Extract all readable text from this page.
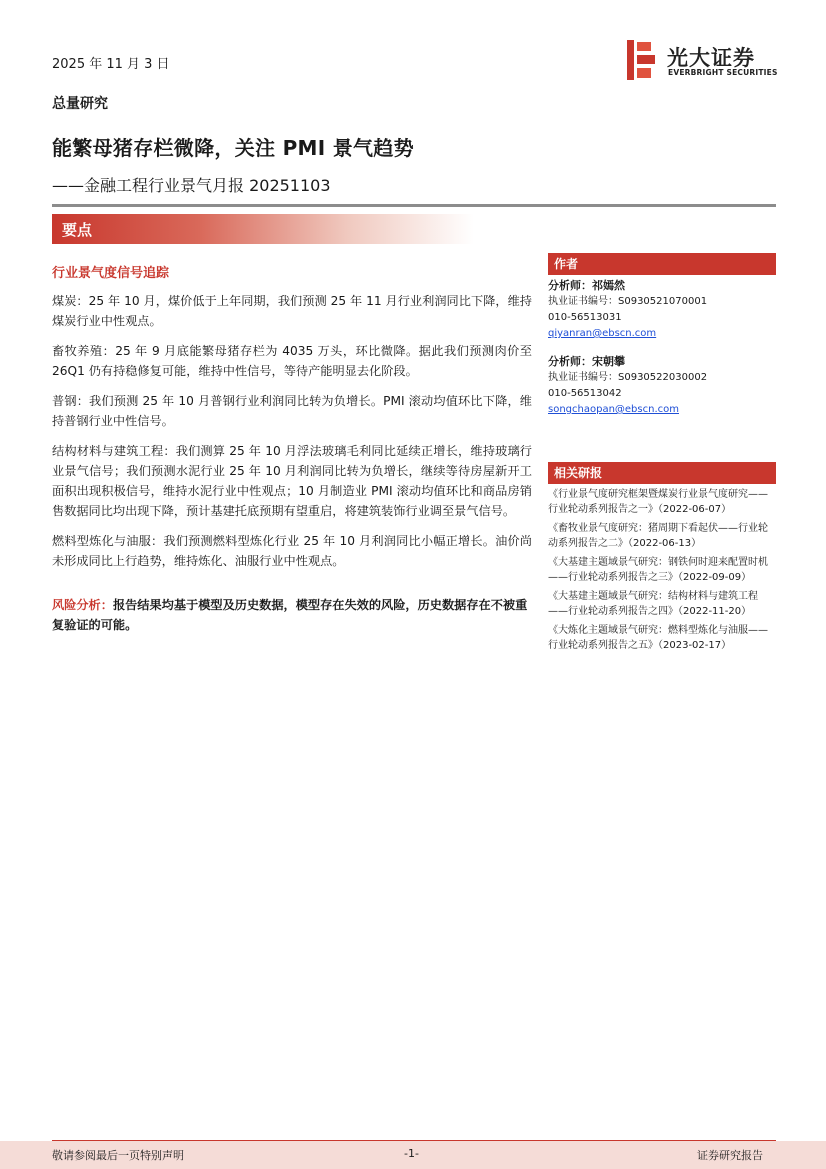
2025 年 11 月 3 日
总量研究
能繁母猪存栏微降，关注 PMI 景气趋势
——金融工程行业景气月报 20251103
要点
光大证券
EVERBRIGHT SECURITIES
行业景气度信号追踪

煤炭：25 年 10 月，煤价低于上年同期，我们预测 25 年 11 月行业利润同比下降，维持煤炭行业中性观点。

畜牧养殖：25 年 9 月底能繁母猪存栏为 4035 万头，环比微降。据此我们预测肉价至 26Q1 仍有持稳修复可能，维持中性信号，等待产能明显去化阶段。

普钢：我们预测 25 年 10 月普钢行业利润同比转为负增长。PMI 滚动均值环比下降，维持普钢行业中性信号。

结构材料与建筑工程：我们测算 25 年 10 月浮法玻璃毛利同比延续正增长，维持玻璃行业景气信号；我们预测水泥行业 25 年 10 月利润同比转为负增长，继续等待房屋新开工面积出现积极信号，维持水泥行业中性观点；10 月制造业 PMI 滚动均值环比和商品房销售数据同比均出现下降，预计基建托底预期有望重启，将建筑装饰行业调至景气信号。

燃料型炼化与油服：我们预测燃料型炼化行业 25 年 10 月利润同比小幅正增长。油价尚未形成同比上行趋势，维持炼化、油服行业中性观点。

风险分析：报告结果均基于模型及历史数据，模型存在失效的风险，历史数据存在不被重复验证的可能。
作者
分析师：祁嫣然
执业证书编号：S0930521070001
010-56513031
qiyanran@ebscn.com
分析师：宋朝攀
执业证书编号：S0930522030002
010-56513042
songchaopan@ebscn.com
相关研报
《行业景气度研究框架暨煤炭行业景气度研究——行业轮动系列报告之一》（2022-06-07）
《畜牧业景气度研究：猪周期下看起伏——行业轮动系列报告之二》（2022-06-13）
《大基建主题域景气研究：钢铁何时迎来配置时机——行业轮动系列报告之三》（2022-09-09）
《大基建主题域景气研究：结构材料与建筑工程——行业轮动系列报告之四》（2022-11-20）
《大炼化主题域景气研究：燃料型炼化与油服——行业轮动系列报告之五》（2023-02-17）
敬请参阅最后一页特别声明	-1-	证券研究报告
